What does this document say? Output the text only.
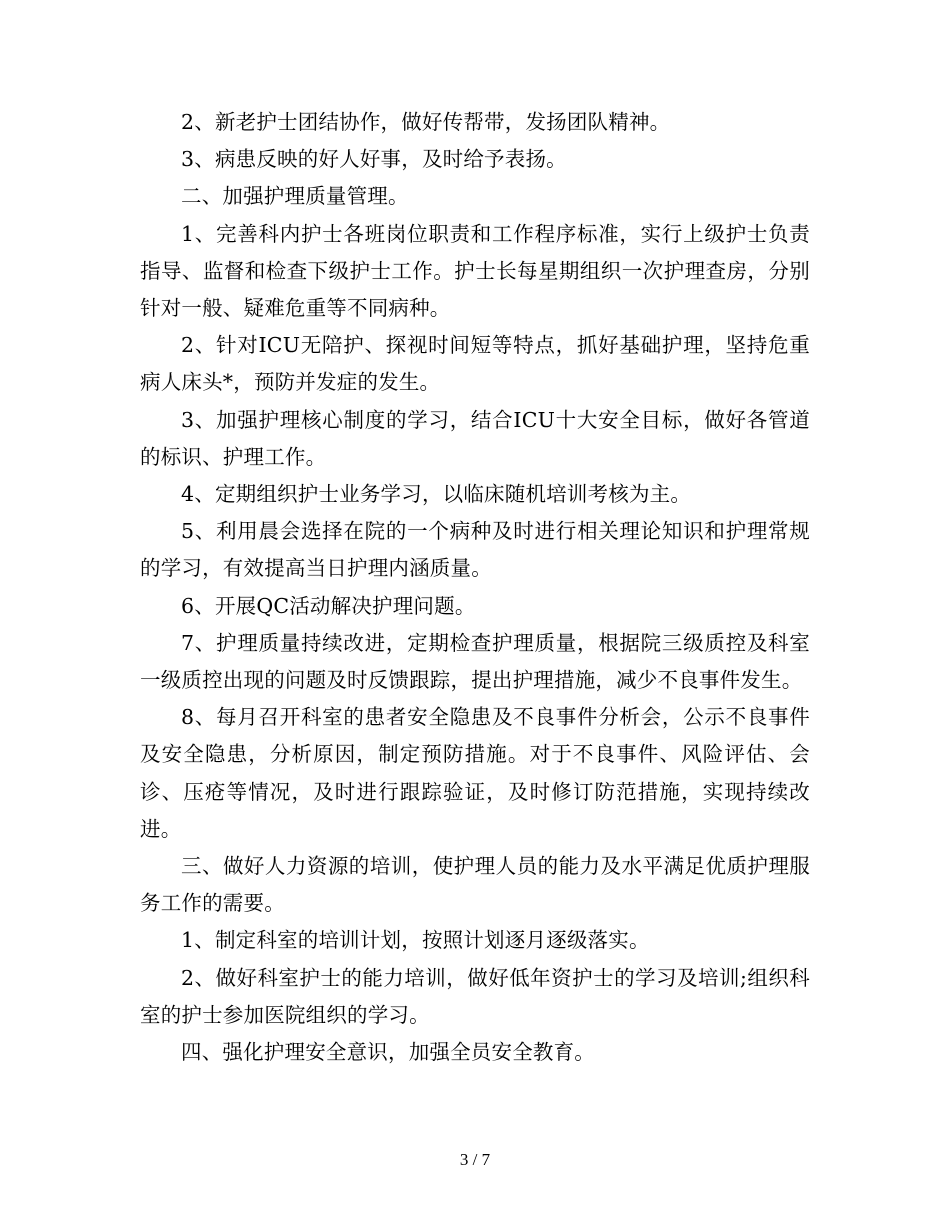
2、新老护士团结协作，做好传帮带，发扬团队精神。

3、病患反映的好人好事，及时给予表扬。

二、加强护理质量管理。

1、完善科内护士各班岗位职责和工作程序标准，实行上级护士负责指导、监督和检查下级护士工作。护士长每星期组织一次护理查房，分别针对一般、疑难危重等不同病种。

2、针对ICU无陪护、探视时间短等特点，抓好基础护理，坚持危重病人床头*，预防并发症的发生。

3、加强护理核心制度的学习，结合ICU十大安全目标，做好各管道的标识、护理工作。

4、定期组织护士业务学习，以临床随机培训考核为主。

5、利用晨会选择在院的一个病种及时进行相关理论知识和护理常规的学习，有效提高当日护理内涵质量。

6、开展QC活动解决护理问题。

7、护理质量持续改进，定期检查护理质量，根据院三级质控及科室一级质控出现的问题及时反馈跟踪，提出护理措施，减少不良事件发生。

8、每月召开科室的患者安全隐患及不良事件分析会，公示不良事件及安全隐患，分析原因，制定预防措施。对于不良事件、风险评估、会诊、压疮等情况，及时进行跟踪验证，及时修订防范措施，实现持续改进。

三、做好人力资源的培训，使护理人员的能力及水平满足优质护理服务工作的需要。

1、制定科室的培训计划，按照计划逐月逐级落实。

2、做好科室护士的能力培训，做好低年资护士的学习及培训;组织科室的护士参加医院组织的学习。

四、强化护理安全意识，加强全员安全教育。

3 / 7
